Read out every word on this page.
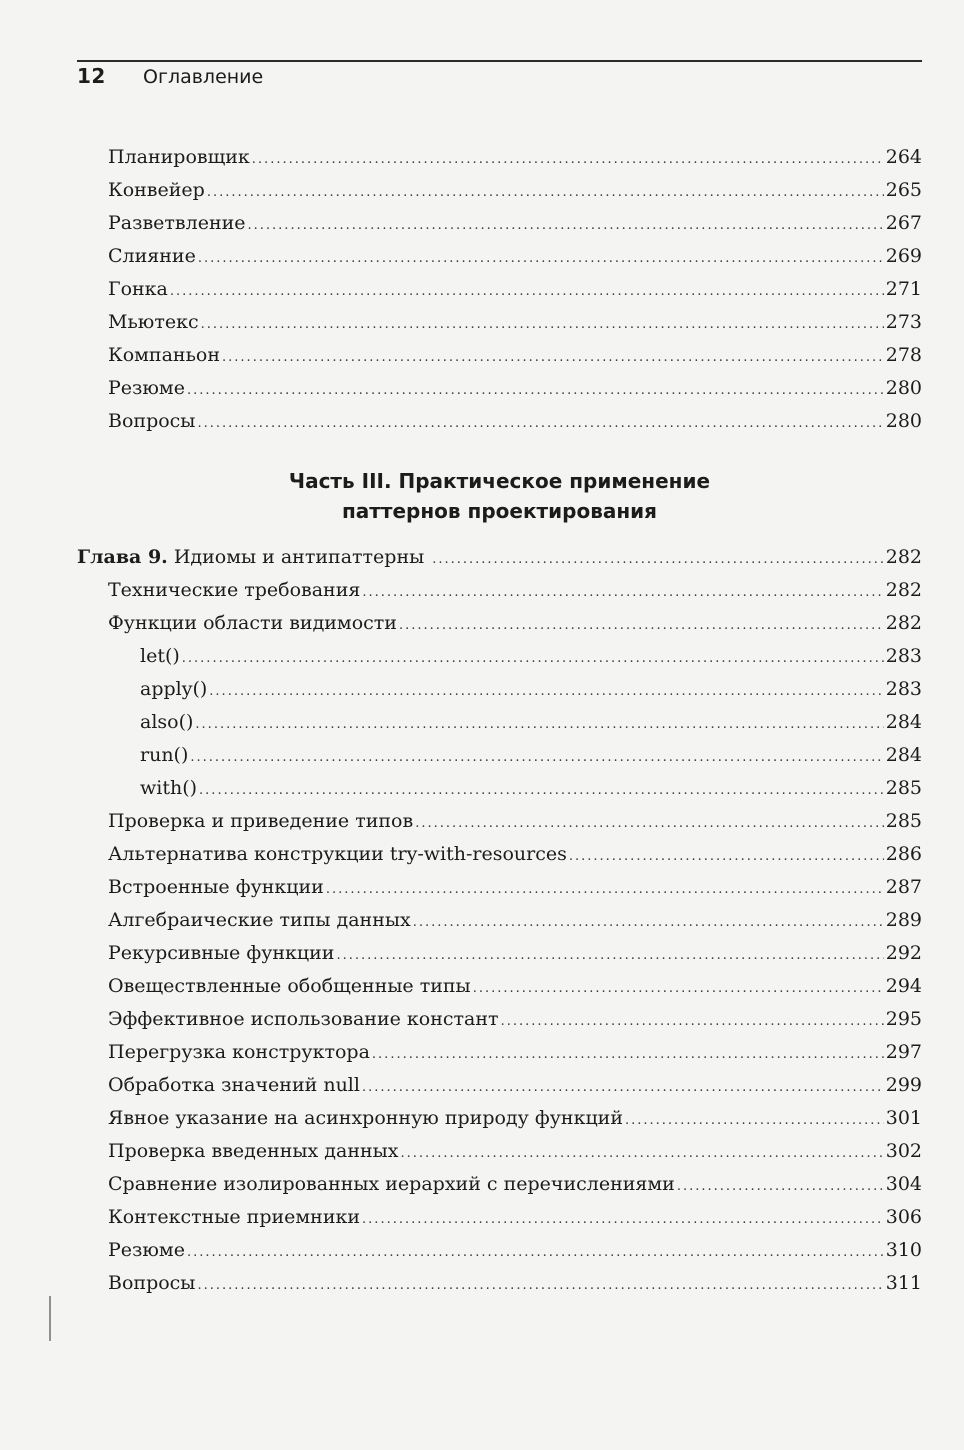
12 Оглавление
Планировщик .....	264
Конвейер .....	265
Разветвление .....	267
Слияние .....	269
Гонка .....	271
Мьютекс .....	273
Компаньон .....	278
Резюме .....	280
Вопросы .....	280
Часть III. Практическое применение
паттернов проектирования
Глава 9. Идиомы и антипаттерны .....	282
Технические требования .....	282
Функции области видимости .....	282
let() .....	283
apply() .....	283
also() .....	284
run() .....	284
with() .....	285
Проверка и приведение типов .....	285
Альтернатива конструкции try-with-resources .....	286
Встроенные функции .....	287
Алгебраические типы данных .....	289
Рекурсивные функции .....	292
Овеществленные обобщенные типы .....	294
Эффективное использование констант .....	295
Перегрузка конструктора .....	297
Обработка значений null .....	299
Явное указание на асинхронную природу функций .....	301
Проверка введенных данных .....	302
Сравнение изолированных иерархий с перечислениями .....	304
Контекстные приемники .....	306
Резюме .....	310
Вопросы .....	311
